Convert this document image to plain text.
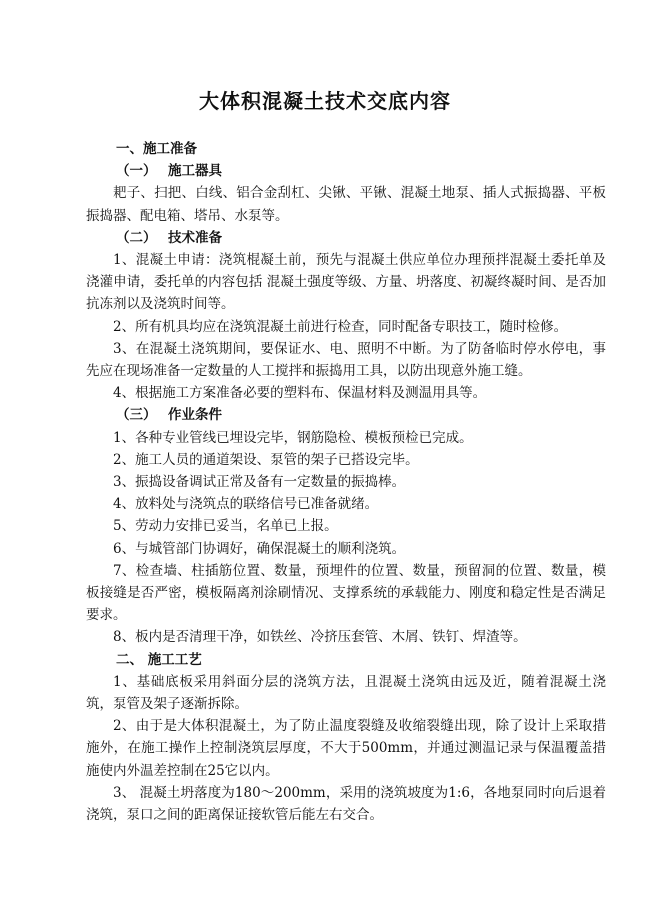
大体积混凝土技术交底内容

一、施工准备

（一） 施工器具

耙子、扫把、白线、铝合金刮杠、尖锹、平锹、混凝土地泵、插人式振捣器、平板振捣器、配电箱、塔吊、水泵等。

（二） 技术准备

1、混凝土申请：浇筑棍凝土前，预先与混凝土供应单位办理预拌混凝土委托单及浇灌申请，委托单的内容包括 混凝土强度等级、方量、坍落度、初凝终凝时间、是否加抗冻剂以及浇筑时间等。

2、所有机具均应在浇筑混凝土前进行检查，同时配备专职技工，随时检修。

3、在混凝土浇筑期间，要保证水、电、照明不中断。为了防备临时停水停电，事先应在现场准备一定数量的人工搅拌和振捣用工具，以防出现意外施工缝。

4、根据施工方案准备必要的塑料布、保温材料及测温用具等。

（三） 作业条件

1、各种专业管线已埋设完毕，钢筋隐检、模板预检已完成。

2、施工人员的通道架设、泵管的架子已搭设完毕。

3、振捣设备调试正常及备有一定数量的振捣棒。

4、放料处与浇筑点的联络信号已准备就绪。

5、劳动力安排已妥当，名单已上报。

6、与城管部门协调好，确保混凝土的顺利浇筑。

7、检查墙、柱插筋位置、数量，预埋件的位置、数量，预留洞的位置、数量，模板接缝是否严密，模板隔离剂涂刷情况、支撑系统的承载能力、刚度和稳定性是否满足要求。

8、板内是否清理干净，如铁丝、冷挤压套管、木屑、铁钉、焊渣等。

二、 施工工艺

1、基础底板采用斜面分层的浇筑方法，且混凝土浇筑由远及近，随着混凝土浇筑，泵管及架子逐渐拆除。

2、由于是大体积混凝土，为了防止温度裂缝及收缩裂缝出现，除了设计上采取措施外，在施工操作上控制浇筑层厚度，不大于500mm，并通过测温记录与保温覆盖措施使内外温差控制在25它以内。

3、 混凝土坍落度为180～200mm，采用的浇筑坡度为1:6，各地泵同时向后退着浇筑，泵口之间的距离保证接软管后能左右交合。
